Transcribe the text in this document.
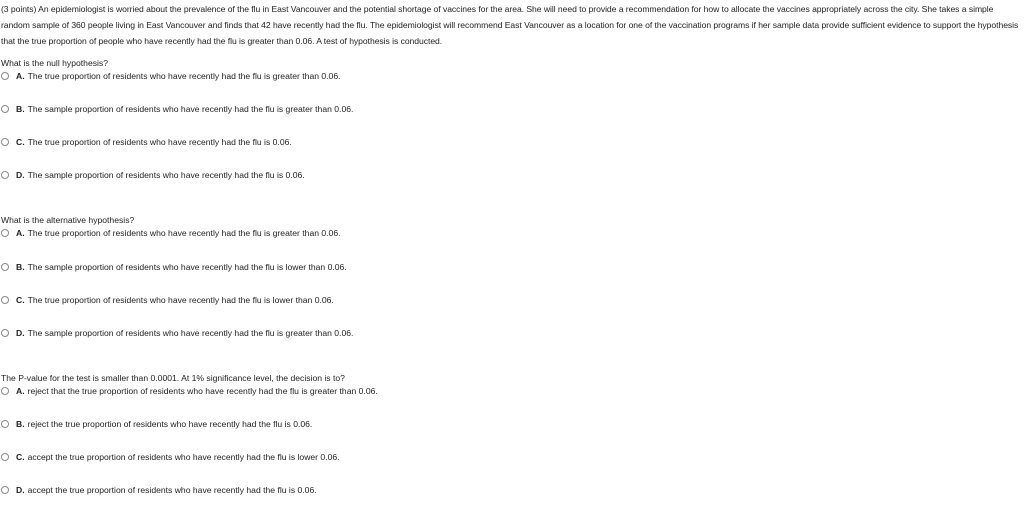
(3 points) An epidemiologist is worried about the prevalence of the flu in East Vancouver and the potential shortage of vaccines for the area. She will need to provide a recommendation for how to allocate the vaccines appropriately across the city. She takes a simple random sample of 360 people living in East Vancouver and finds that 42 have recently had the flu. The epidemiologist will recommend East Vancouver as a location for one of the vaccination programs if her sample data provide sufficient evidence to support the hypothesis that the true proportion of people who have recently had the flu is greater than 0.06. A test of hypothesis is conducted.

What is the null hypothesis?

A. The true proportion of residents who have recently had the flu is greater than 0.06.
B. The sample proportion of residents who have recently had the flu is greater than 0.06.
C. The true proportion of residents who have recently had the flu is 0.06.
D. The sample proportion of residents who have recently had the flu is 0.06.

What is the alternative hypothesis?

A. The true proportion of residents who have recently had the flu is greater than 0.06.
B. The sample proportion of residents who have recently had the flu is lower than 0.06.
C. The true proportion of residents who have recently had the flu is lower than 0.06.
D. The sample proportion of residents who have recently had the flu is greater than 0.06.

The P-value for the test is smaller than 0.0001. At 1% significance level, the decision is to?

A. reject that the true proportion of residents who have recently had the flu is greater than 0.06.
B. reject the true proportion of residents who have recently had the flu is 0.06.
C. accept the true proportion of residents who have recently had the flu is lower 0.06.
D. accept the true proportion of residents who have recently had the flu is 0.06.
